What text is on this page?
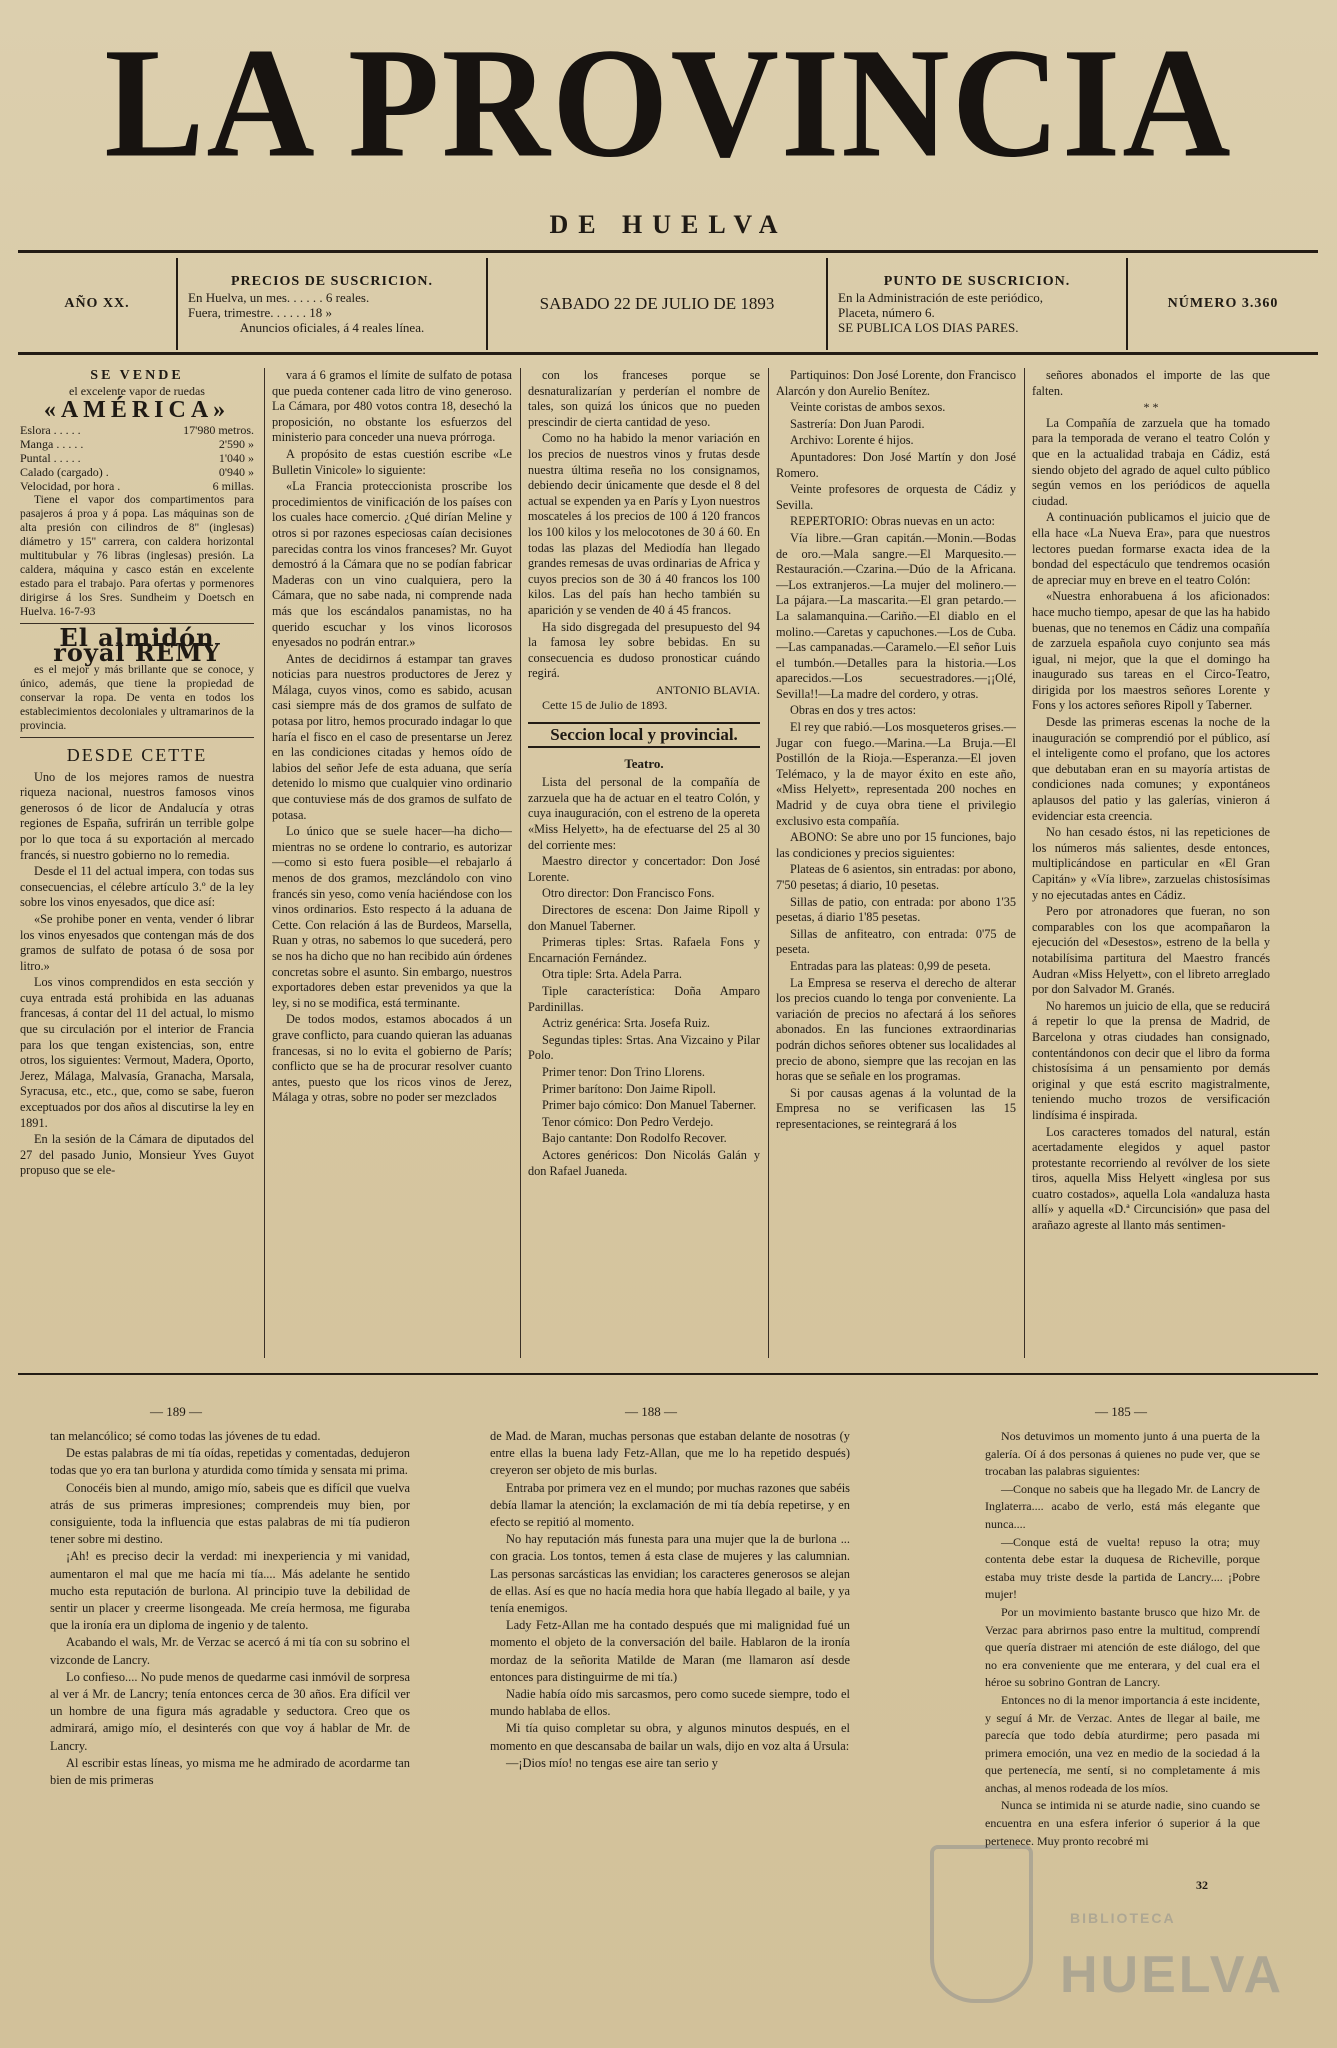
LA PROVINCIA
DE HUELVA
AÑO XX.
PRECIOS DE SUSCRICION.
En Huelva, un mes. . . . . . 6 reales.
Fuera, trimestre. . . . . . 18 »
Anuncios oficiales, á 4 reales línea.
SABADO 22 DE JULIO DE 1893
PUNTO DE SUSCRICION.
En la Administración de este periódico,
Placeta, número 6.
SE PUBLICA LOS DIAS PARES.
NÚMERO 3.360
SE VENDE
el excelente vapor de ruedas
«AMÉRICA»
Eslora . . . . .	17'980 metros.
Manga . . . . .	2'590 »
Puntal . . . . .	1'040 »
Calado (cargado) .	0'940 »
Velocidad, por hora .	6 millas.

Tiene el vapor dos compartimentos para pasajeros á proa y á popa. Las máquinas son de alta presión con cilindros de 8" (inglesas) diámetro y 15" carrera, con caldera horizontal multitubular y 76 libras (inglesas) presión. La caldera, máquina y casco están en excelente estado para el trabajo. Para ofertas y pormenores dirigirse á los Sres. Sundheim y Doetsch en Huelva. 16-7-93

El almidón royal REMY

es el mejor y más brillante que se conoce, y único, además, que tiene la propiedad de conservar la ropa. De venta en todos los establecimientos decoloniales y ultramarinos de la provincia.

DESDE CETTE

Uno de los mejores ramos de nuestra riqueza nacional, nuestros famosos vinos generosos ó de licor de Andalucía y otras regiones de España, sufrirán un terrible golpe por lo que toca á su exportación al mercado francés, si nuestro gobierno no lo remedia.

Desde el 11 del actual impera, con todas sus consecuencias, el célebre artículo 3.º de la ley sobre los vinos enyesados, que dice así:

«Se prohibe poner en venta, vender ó librar los vinos enyesados que contengan más de dos gramos de sulfato de potasa ó de sosa por litro.»

Los vinos comprendidos en esta sección y cuya entrada está prohibida en las aduanas francesas, á contar del 11 del actual, lo mismo que su circulación por el interior de Francia para los que tengan existencias, son, entre otros, los siguientes: Vermout, Madera, Oporto, Jerez, Málaga, Malvasía, Granacha, Marsala, Syracusa, etc., etc., que, como se sabe, fueron exceptuados por dos años al discutirse la ley en 1891.

En la sesión de la Cámara de diputados del 27 del pasado Junio, Monsieur Yves Guyot propuso que se ele-

vara á 6 gramos el límite de sulfato de potasa que pueda contener cada litro de vino generoso. La Cámara, por 480 votos contra 18, desechó la proposición, no obstante los esfuerzos del ministerio para conceder una nueva prórroga.

A propósito de estas cuestión escribe «Le Bulletin Vinicole» lo siguiente:

«La Francia proteccionista proscribe los procedimientos de vinificación de los países con los cuales hace comercio. ¿Qué dirían Meline y otros si por razones especiosas caían decisiones parecidas contra los vinos franceses? Mr. Guyot demostró á la Cámara que no se podían fabricar Maderas con un vino cualquiera, pero la Cámara, que no sabe nada, ni comprende nada más que los escándalos panamistas, no ha querido escuchar y los vinos licorosos enyesados no podrán entrar.»

Antes de decidirnos á estampar tan graves noticias para nuestros productores de Jerez y Málaga, cuyos vinos, como es sabido, acusan casi siempre más de dos gramos de sulfato de potasa por litro, hemos procurado indagar lo que haría el fisco en el caso de presentarse un Jerez en las condiciones citadas y hemos oído de labios del señor Jefe de esta aduana, que sería detenido lo mismo que cualquier vino ordinario que contuviese más de dos gramos de sulfato de potasa.

Lo único que se suele hacer—ha dicho—mientras no se ordene lo contrario, es autorizar—como si esto fuera posible—el rebajarlo á menos de dos gramos, mezclándolo con vino francés sin yeso, como venía haciéndose con los vinos ordinarios. Esto respecto á la aduana de Cette. Con relación á las de Burdeos, Marsella, Ruan y otras, no sabemos lo que sucederá, pero se nos ha dicho que no han recibido aún órdenes concretas sobre el asunto. Sin embargo, nuestros exportadores deben estar prevenidos ya que la ley, si no se modifica, está terminante.

De todos modos, estamos abocados á un grave conflicto, para cuando quieran las aduanas francesas, si no lo evita el gobierno de París; conflicto que se ha de procurar resolver cuanto antes, puesto que los ricos vinos de Jerez, Málaga y otras, sobre no poder ser mezclados

con los franceses porque se desnaturalizarían y perderían el nombre de tales, son quizá los únicos que no pueden prescindir de cierta cantidad de yeso.

Como no ha habido la menor variación en los precios de nuestros vinos y frutas desde nuestra última reseña no los consignamos, debiendo decir únicamente que desde el 8 del actual se expenden ya en París y Lyon nuestros moscateles á los precios de 100 á 120 francos los 100 kilos y los melocotones de 30 á 60. En todas las plazas del Mediodía han llegado grandes remesas de uvas ordinarias de Africa y cuyos precios son de 30 á 40 francos los 100 kilos. Las del país han hecho también su aparición y se venden de 40 á 45 francos.

Ha sido disgregada del presupuesto del 94 la famosa ley sobre bebidas. En su consecuencia es dudoso pronosticar cuándo regirá.

ANTONIO BLAVIA.
Cette 15 de Julio de 1893.
Seccion local y provincial.
Teatro.

Lista del personal de la compañía de zarzuela que ha de actuar en el teatro Colón, y cuya inauguración, con el estreno de la opereta «Miss Helyett», ha de efectuarse del 25 al 30 del corriente mes:

Maestro director y concertador: Don José Lorente.

Otro director: Don Francisco Fons.

Directores de escena: Don Jaime Ripoll y don Manuel Taberner.

Primeras tiples: Srtas. Rafaela Fons y Encarnación Fernández.

Otra tiple: Srta. Adela Parra.

Tiple característica: Doña Amparo Pardinillas.

Actriz genérica: Srta. Josefa Ruiz.

Segundas tiples: Srtas. Ana Vizcaino y Pilar Polo.

Primer tenor: Don Trino Llorens.

Primer barítono: Don Jaime Ripoll.

Primer bajo cómico: Don Manuel Taberner.

Tenor cómico: Don Pedro Verdejo.

Bajo cantante: Don Rodolfo Recover.

Actores genéricos: Don Nicolás Galán y don Rafael Juaneda.

Partiquinos: Don José Lorente, don Francisco Alarcón y don Aurelio Benítez.

Veinte coristas de ambos sexos.

Sastrería: Don Juan Parodi.

Archivo: Lorente é hijos.

Apuntadores: Don José Martín y don José Romero.

Veinte profesores de orquesta de Cádiz y Sevilla.

REPERTORIO: Obras nuevas en un acto:

Vía libre.—Gran capitán.—Monin.—Bodas de oro.—Mala sangre.—El Marquesito.—Restauración.—Czarina.—Dúo de la Africana.—Los extranjeros.—La mujer del molinero.—La pájara.—La mascarita.—El gran petardo.—La salamanquina.—Cariño.—El diablo en el molino.—Caretas y capuchones.—Los de Cuba.—Las campanadas.—Caramelo.—El señor Luis el tumbón.—Detalles para la historia.—Los aparecidos.—Los secuestradores.—¡¡Olé, Sevilla!!—La madre del cordero, y otras.

Obras en dos y tres actos:

El rey que rabió.—Los mosqueteros grises.—Jugar con fuego.—Marina.—La Bruja.—El Postillón de la Rioja.—Esperanza.—El joven Telémaco, y la de mayor éxito en este año, «Miss Helyett», representada 200 noches en Madrid y de cuya obra tiene el privilegio exclusivo esta compañía.

ABONO: Se abre uno por 15 funciones, bajo las condiciones y precios siguientes:

Plateas de 6 asientos, sin entradas: por abono, 7'50 pesetas; á diario, 10 pesetas.

Sillas de patio, con entrada: por abono 1'35 pesetas, á diario 1'85 pesetas.

Sillas de anfiteatro, con entrada: 0'75 de peseta.

Entradas para las plateas: 0,99 de peseta.

La Empresa se reserva el derecho de alterar los precios cuando lo tenga por conveniente. La variación de precios no afectará á los señores abonados. En las funciones extraordinarias podrán dichos señores obtener sus localidades al precio de abono, siempre que las recojan en las horas que se señale en los programas.

Si por causas agenas á la voluntad de la Empresa no se verificasen las 15 representaciones, se reintegrará á los

señores abonados el importe de las que falten.

* *

La Compañía de zarzuela que ha tomado para la temporada de verano el teatro Colón y que en la actualidad trabaja en Cádiz, está siendo objeto del agrado de aquel culto público según vemos en los periódicos de aquella ciudad.

A continuación publicamos el juicio que de ella hace «La Nueva Era», para que nuestros lectores puedan formarse exacta idea de la bondad del espectáculo que tendremos ocasión de apreciar muy en breve en el teatro Colón:

«Nuestra enhorabuena á los aficionados: hace mucho tiempo, apesar de que las ha habido buenas, que no tenemos en Cádiz una compañía de zarzuela española cuyo conjunto sea más igual, ni mejor, que la que el domingo ha inaugurado sus tareas en el Circo-Teatro, dirigida por los maestros señores Lorente y Fons y los actores señores Ripoll y Taberner.

Desde las primeras escenas la noche de la inauguración se comprendió por el público, así el inteligente como el profano, que los actores que debutaban eran en su mayoría artistas de condiciones nada comunes; y expontáneos aplausos del patio y las galerías, vinieron á evidenciar esta creencia.

No han cesado éstos, ni las repeticiones de los números más salientes, desde entonces, multiplicándose en particular en «El Gran Capitán» y «Vía libre», zarzuelas chistosísimas y no ejecutadas antes en Cádiz.

Pero por atronadores que fueran, no son comparables con los que acompañaron la ejecución del «Desestos», estreno de la bella y notabilísima partitura del Maestro francés Audran «Miss Helyett», con el libreto arreglado por don Salvador M. Granés.

No haremos un juicio de ella, que se reducirá á repetir lo que la prensa de Madrid, de Barcelona y otras ciudades han consignado, contentándonos con decir que el libro da forma chistosísima á un pensamiento por demás original y que está escrito magistralmente, teniendo mucho trozos de versificación lindísima é inspirada.

Los caracteres tomados del natural, están acertadamente elegidos y aquel pastor protestante recorriendo al revólver de los siete tiros, aquella Miss Helyett «inglesa por sus cuatro costados», aquella Lola «andaluza hasta allí» y aquella «D.ª Circuncisión» que pasa del arañazo agreste al llanto más sentimen-

— 189 —	— 188 —	— 185 —

tan melancólico; sé como todas las jóvenes de tu edad.

De estas palabras de mi tía oídas, repetidas y comentadas, dedujeron todas que yo era tan burlona y aturdida como tímida y sensata mi prima.

Conocéis bien al mundo, amigo mío, sabeis que es difícil que vuelva atrás de sus primeras impresiones; comprendeis muy bien, por consiguiente, toda la influencia que estas palabras de mi tía pudieron tener sobre mi destino.

¡Ah! es preciso decir la verdad: mi inexperiencia y mi vanidad, aumentaron el mal que me hacía mi tía.... Más adelante he sentido mucho esta reputación de burlona. Al principio tuve la debilidad de sentir un placer y creerme lisongeada. Me creía hermosa, me figuraba que la ironía era un diploma de ingenio y de talento.

Acabando el wals, Mr. de Verzac se acercó á mi tía con su sobrino el vizconde de Lancry.

Lo confieso.... No pude menos de quedarme casi inmóvil de sorpresa al ver á Mr. de Lancry; tenía entonces cerca de 30 años. Era difícil ver un hombre de una figura más agradable y seductora. Creo que os admirará, amigo mío, el desinterés con que voy á hablar de Mr. de Lancry.

Al escribir estas líneas, yo misma me he admirado de acordarme tan bien de mis primeras

de Mad. de Maran, muchas personas que estaban delante de nosotras (y entre ellas la buena lady Fetz-Allan, que me lo ha repetido después) creyeron ser objeto de mis burlas.

Entraba por primera vez en el mundo; por muchas razones que sabéis debía llamar la atención; la exclamación de mi tía debía repetirse, y en efecto se repitió al momento.

No hay reputación más funesta para una mujer que la de burlona ... con gracia. Los tontos, temen á esta clase de mujeres y las calumnian. Las personas sarcásticas las envidian; los caracteres generosos se alejan de ellas. Así es que no hacía media hora que había llegado al baile, y ya tenía enemigos.

Lady Fetz-Allan me ha contado después que mi malignidad fué un momento el objeto de la conversación del baile. Hablaron de la ironía mordaz de la señorita Matilde de Maran (me llamaron así desde entonces para distinguirme de mi tía.)

Nadie había oído mis sarcasmos, pero como sucede siempre, todo el mundo hablaba de ellos.

Mi tía quiso completar su obra, y algunos minutos después, en el momento en que descansaba de bailar un wals, dijo en voz alta á Ursula:

—¡Dios mío! no tengas ese aire tan serio y

Nos detuvimos un momento junto á una puerta de la galería. Oí á dos personas á quienes no pude ver, que se trocaban las palabras siguientes:

—Conque no sabeis que ha llegado Mr. de Lancry de Inglaterra.... acabo de verlo, está más elegante que nunca....

—Conque está de vuelta! repuso la otra; muy contenta debe estar la duquesa de Richeville, porque estaba muy triste desde la partida de Lancry.... ¡Pobre mujer!

Por un movimiento bastante brusco que hizo Mr. de Verzac para abrirnos paso entre la multitud, comprendí que quería distraer mi atención de este diálogo, del que no era conveniente que me enterara, y del cual era el héroe su sobrino Gontran de Lancry.

Entonces no di la menor importancia á este incidente, y seguí á Mr. de Verzac. Antes de llegar al baile, me parecía que todo debía aturdirme; pero pasada mi primera emoción, una vez en medio de la sociedad á la que pertenecía, me sentí, si no completamente á mis anchas, al menos rodeada de los míos.

Nunca se intimida ni se aturde nadie, sino cuando se encuentra en una esfera inferior ó superior á la que pertenece. Muy pronto recobré mi

32
BIBLIOTECA
HUELVA
